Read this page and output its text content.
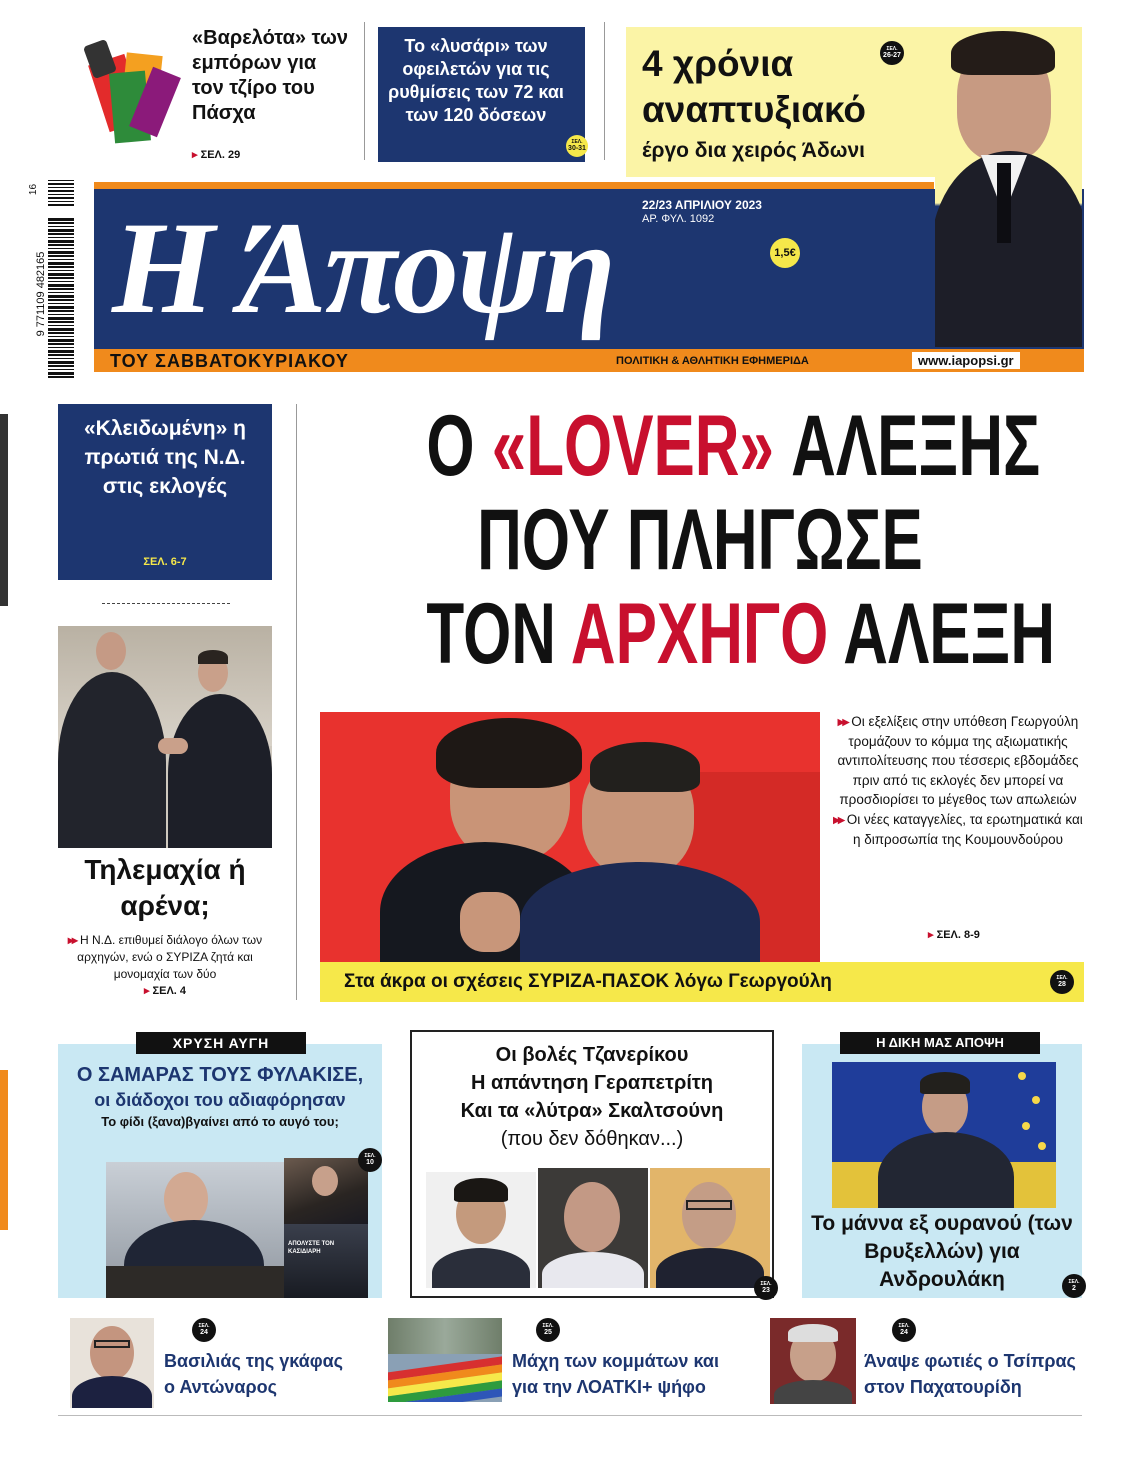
«Βαρελότα» των εμπόρων για τον τζίρο του Πάσχα
▸ ΣΕΛ. 29
Το «λυσάρι» των οφειλετών για τις ρυθμίσεις των 72 και των 120 δόσεων
ΣΕΛ.
30-31
4 χρόνια αναπτυξιακό
έργο δια χειρός Άδωνι
ΣΕΛ.
26-27
16
9 771109 482165 Η Άποψη 22/23 ΑΠΡΙΛΙΟΥ 2023
ΑΡ. ΦΥΛ. 1092
1,5€
ΤΟΥ ΣΑΒΒΑΤΟΚΥΡΙΑΚΟΥ	ΠΟΛΙΤΙΚΗ & ΑΘΛΗΤΙΚΗ ΕΦΗΜΕΡΙΔΑ	www.iapopsi.gr
«Κλειδωμένη» η πρωτιά της Ν.Δ. στις εκλογές
ΣΕΛ. 6-7
Τηλεμαχία ή αρένα;
▸▸ Η Ν.Δ. επιθυμεί διάλογο όλων των αρχηγών, ενώ ο ΣΥΡΙΖΑ ζητά και μονομαχία των δύο
▸ ΣΕΛ. 4
Ο «LOVER» ΑΛΕΞΗΣ
ΠΟΥ ΠΛΗΓΩΣΕ
ΤΟΝ ΑΡΧΗΓΟ ΑΛΕΞΗ
▸▸ Οι εξελίξεις στην υπόθεση Γεωργούλη τρομάζουν το κόμμα της αξιωματικής αντιπολίτευσης που τέσσερις εβδομάδες πριν από τις εκλογές δεν μπορεί να προσδιορίσει το μέγεθος των απωλειών
▸▸ Οι νέες καταγγελίες, τα ερωτηματικά και η διπροσωπία της Κουμουνδούρου
▸ ΣΕΛ. 8-9
Στα άκρα οι σχέσεις ΣΥΡΙΖΑ-ΠΑΣΟΚ λόγω Γεωργούλη	ΣΕΛ.
28
ΧΡΥΣΗ ΑΥΓΗ
Ο ΣΑΜΑΡΑΣ ΤΟΥΣ ΦΥΛΑΚΙΣΕ,
οι διάδοχοι του αδιαφόρησαν
Το φίδι (ξανα)βγαίνει από το αυγό του;
ΑΠΟΛΥΣΤΕ ΤΟΝ ΚΑΣΙΔΙΑΡΗ
ΣΕΛ.
10
Οι βολές Τζανερίκου
Η απάντηση Γεραπετρίτη
Και τα «λύτρα» Σκαλτσούνη
(που δεν δόθηκαν...)
ΣΕΛ.
23
Η ΔΙΚΗ ΜΑΣ ΑΠΟΨΗ
Το μάννα εξ ουρανού (των Βρυξελλών) για Ανδρουλάκη	ΣΕΛ.
2
Βασιλιάς της γκάφας ο Αντώναρος
ΣΕΛ.
24
Μάχη των κομμάτων και για την ΛΟΑΤΚΙ+ ψήφο
ΣΕΛ.
25
Άναψε φωτιές ο Τσίπρας στον Παχατουρίδη
ΣΕΛ.
24
